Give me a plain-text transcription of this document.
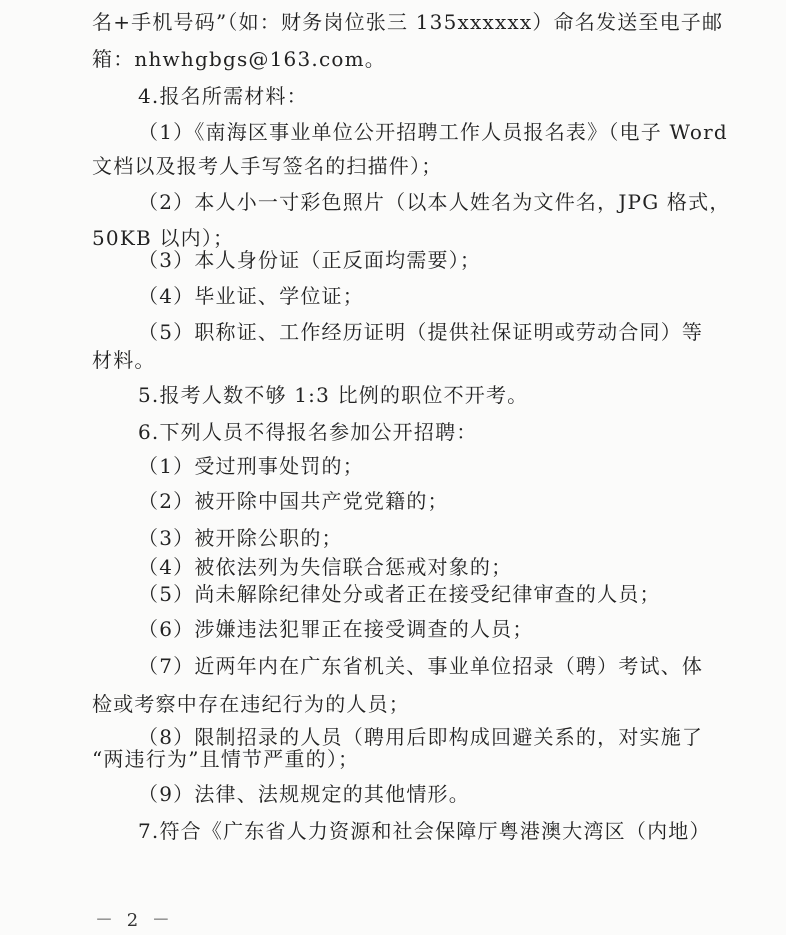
名+手机号码”（如：财务岗位张三 135xxxxxx）命名发送至电子邮
箱：nhwhgbgs@163.com。
4.报名所需材料：
（1）《南海区事业单位公开招聘工作人员报名表》（电子 Word
文档以及报考人手写签名的扫描件）；
（2）本人小一寸彩色照片（以本人姓名为文件名，JPG 格式，
50KB 以内）；
（3）本人身份证（正反面均需要）；
（4）毕业证、学位证；
（5）职称证、工作经历证明（提供社保证明或劳动合同）等
材料。
5.报考人数不够 1:3 比例的职位不开考。
6.下列人员不得报名参加公开招聘：
（1）受过刑事处罚的；
（2）被开除中国共产党党籍的；
（3）被开除公职的；
（4）被依法列为失信联合惩戒对象的；
（5）尚未解除纪律处分或者正在接受纪律审查的人员；
（6）涉嫌违法犯罪正在接受调查的人员；
（7）近两年内在广东省机关、事业单位招录（聘）考试、体
检或考察中存在违纪行为的人员；
（8）限制招录的人员（聘用后即构成回避关系的，对实施了
“两违行为”且情节严重的）；
（9）法律、法规规定的其他情形。
7.符合《广东省人力资源和社会保障厅粤港澳大湾区（内地）
－ 2 －
